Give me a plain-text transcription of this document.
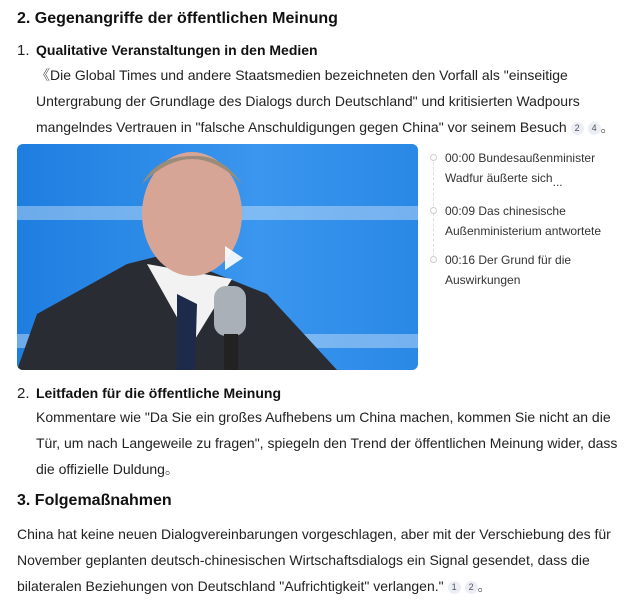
2. Gegenangriffe der öffentlichen Meinung
1. Qualitative Veranstaltungen in den Medien
《Die Global Times und andere Staatsmedien bezeichneten den Vorfall als "einseitige Untergrabung der Grundlage des Dialogs durch Deutschland" und kritisierten Wadpours mangelndes Vertrauen in "falsche Anschuldigungen gegen China" vor seinem Besuch 2 4 。
00:00 Bundesaußenminister Wadfur äußerte sich...
00:09 Das chinesische Außenministerium antwortete
00:16 Der Grund für die Auswirkungen
2. Leitfaden für die öffentliche Meinung
Kommentare wie "Da Sie ein großes Aufhebens um China machen, kommen Sie nicht an die Tür, um nach Langeweile zu fragen", spiegeln den Trend der öffentlichen Meinung wider, dass die offizielle Duldung。
3. Folgemaßnahmen
China hat keine neuen Dialogvereinbarungen vorgeschlagen, aber mit der Verschiebung des für November geplanten deutsch-chinesischen Wirtschaftsdialogs ein Signal gesendet, dass die bilateralen Beziehungen von Deutschland "Aufrichtigkeit" verlangen." 1 2 。
